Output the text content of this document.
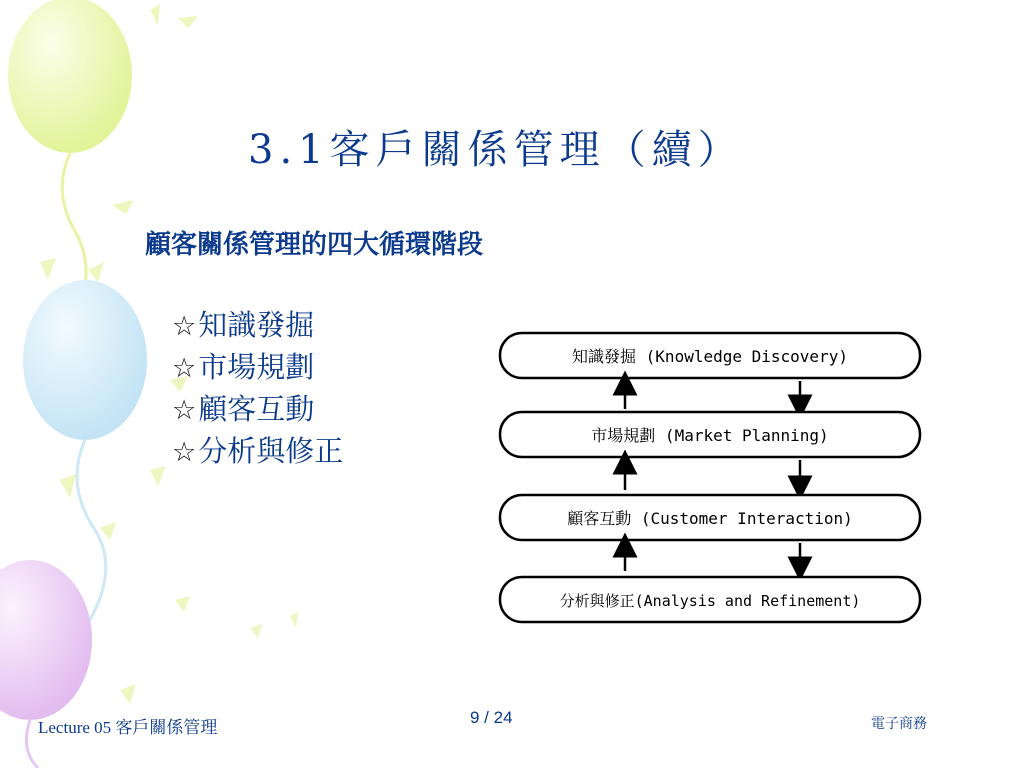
3.1客戶關係管理（續）
顧客關係管理的四大循環階段
☆知識發掘
☆市場規劃
☆顧客互動
☆分析與修正
知識發掘 (Knowledge Discovery)
市場規劃 (Market Planning)
顧客互動 (Customer Interaction)
分析與修正(Analysis and Refinement)
Lecture 05 客戶關係管理
9 / 24	電子商務
